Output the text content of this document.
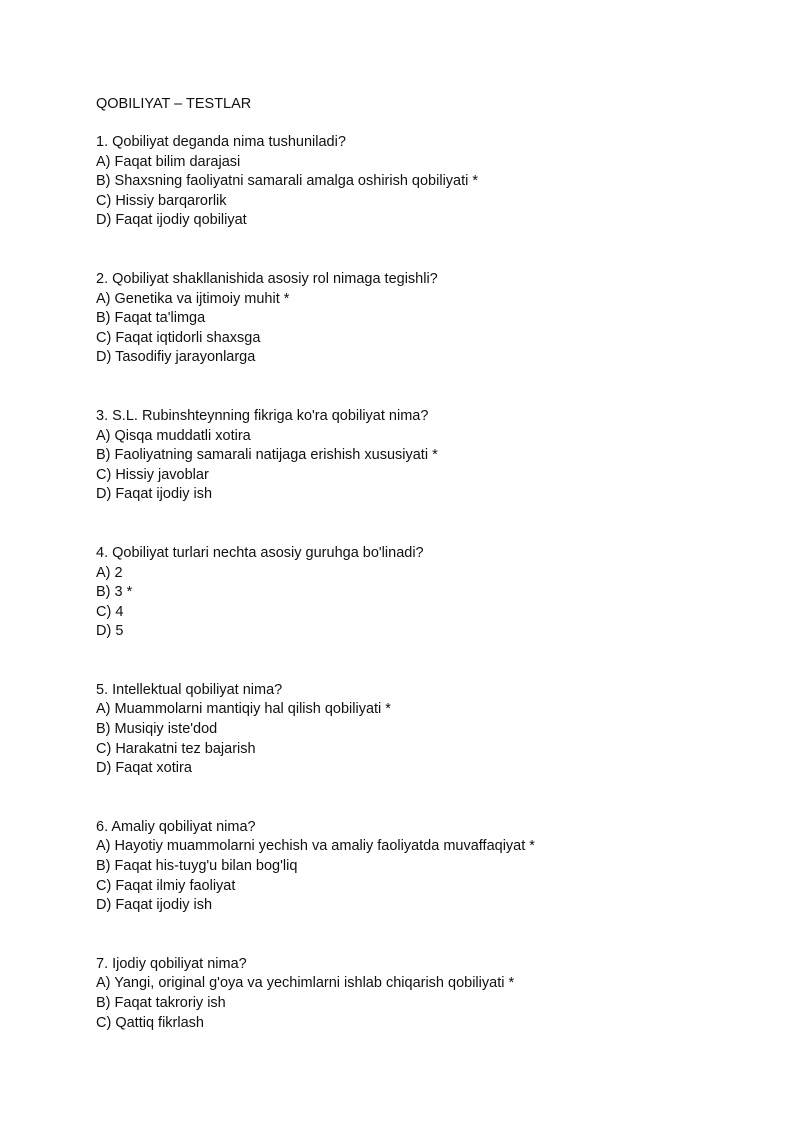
QOBILIYAT – TESTLAR
1. Qobiliyat deganda nima tushuniladi?
A) Faqat bilim darajasi
B) Shaxsning faoliyatni samarali amalga oshirish qobiliyati *
C) Hissiy barqarorlik
D) Faqat ijodiy qobiliyat
2. Qobiliyat shakllanishida asosiy rol nimaga tegishli?
A) Genetika va ijtimoiy muhit *
B) Faqat ta'limga
C) Faqat iqtidorli shaxsga
D) Tasodifiy jarayonlarga
3. S.L. Rubinshteynning fikriga ko'ra qobiliyat nima?
A) Qisqa muddatli xotira
B) Faoliyatning samarali natijaga erishish xususiyati *
C) Hissiy javoblar
D) Faqat ijodiy ish
4. Qobiliyat turlari nechta asosiy guruhga bo'linadi?
A) 2
B) 3 *
C) 4
D) 5
5. Intellektual qobiliyat nima?
A) Muammolarni mantiqiy hal qilish qobiliyati *
B) Musiqiy iste'dod
C) Harakatni tez bajarish
D) Faqat xotira
6. Amaliy qobiliyat nima?
A) Hayotiy muammolarni yechish va amaliy faoliyatda muvaffaqiyat *
B) Faqat his-tuyg'u bilan bog'liq
C) Faqat ilmiy faoliyat
D) Faqat ijodiy ish
7. Ijodiy qobiliyat nima?
A) Yangi, original g'oya va yechimlarni ishlab chiqarish qobiliyati *
B) Faqat takroriy ish
C) Qattiq fikrlash
